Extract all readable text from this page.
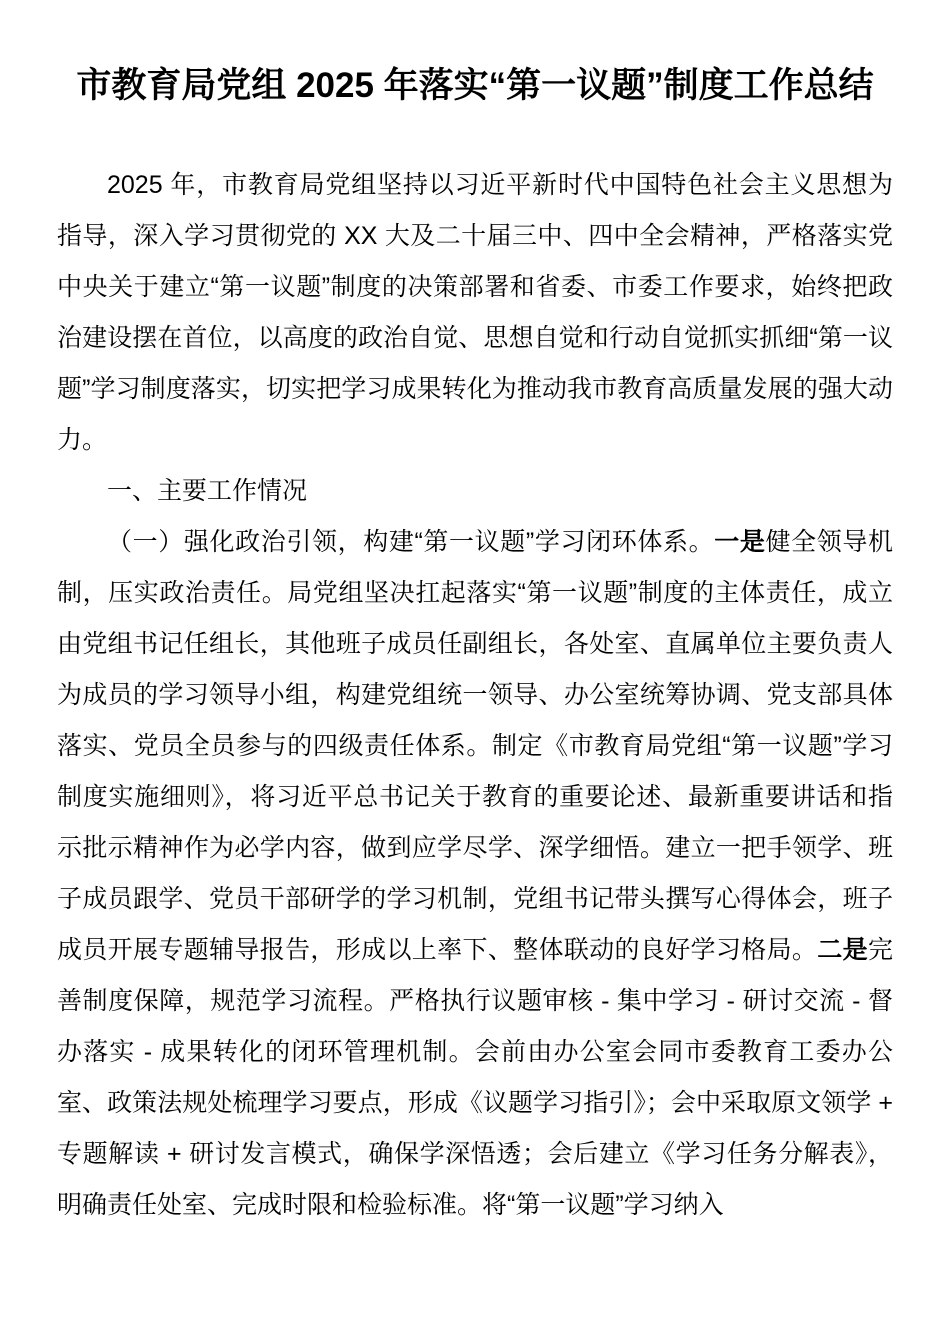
市教育局党组 2025 年落实“第一议题”制度工作总结

2025 年，市教育局党组坚持以习近平新时代中国特色社会主义思想为指导，深入学习贯彻党的 XX 大及二十届三中、四中全会精神，严格落实党中央关于建立“第一议题”制度的决策部署和省委、市委工作要求，始终把政治建设摆在首位，以高度的政治自觉、思想自觉和行动自觉抓实抓细“第一议题”学习制度落实，切实把学习成果转化为推动我市教育高质量发展的强大动力。

一、主要工作情况

（一）强化政治引领，构建“第一议题”学习闭环体系。一是健全领导机制，压实政治责任。局党组坚决扛起落实“第一议题”制度的主体责任，成立由党组书记任组长，其他班子成员任副组长，各处室、直属单位主要负责人为成员的学习领导小组，构建党组统一领导、办公室统筹协调、党支部具体落实、党员全员参与的四级责任体系。制定《市教育局党组“第一议题”学习制度实施细则》，将习近平总书记关于教育的重要论述、最新重要讲话和指示批示精神作为必学内容，做到应学尽学、深学细悟。建立一把手领学、班子成员跟学、党员干部研学的学习机制，党组书记带头撰写心得体会，班子成员开展专题辅导报告，形成以上率下、整体联动的良好学习格局。二是完善制度保障，规范学习流程。严格执行议题审核 - 集中学习 - 研讨交流 - 督办落实 - 成果转化的闭环管理机制。会前由办公室会同市委教育工委办公室、政策法规处梳理学习要点，形成《议题学习指引》；会中采取原文领学 + 专题解读 + 研讨发言模式，确保学深悟透；会后建立《学习任务分解表》，明确责任处室、完成时限和检验标准。将“第一议题”学习纳入
